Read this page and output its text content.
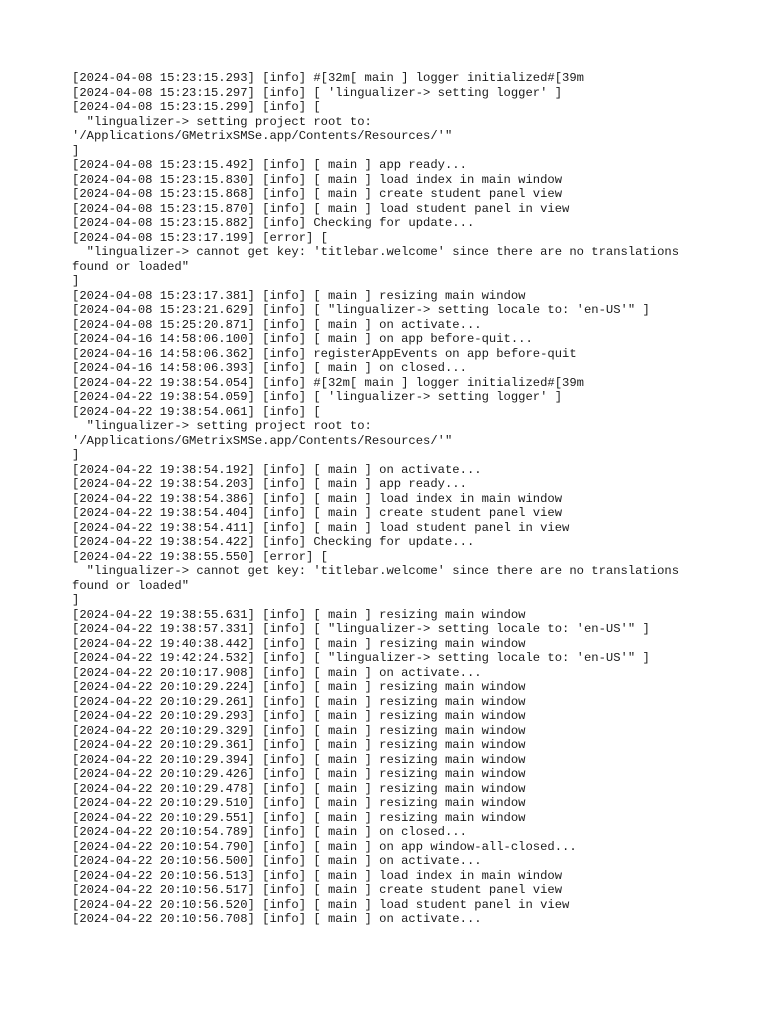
[2024-04-08 15:23:15.293] [info] #[32m[ main ] logger initialized#[39m
[2024-04-08 15:23:15.297] [info] [ 'lingualizer-> setting logger' ]
[2024-04-08 15:23:15.299] [info] [
"lingualizer-> setting project root to:
'/Applications/GMetrixSMSe.app/Contents/Resources/'"
]
[2024-04-08 15:23:15.492] [info] [ main ] app ready...
[2024-04-08 15:23:15.830] [info] [ main ] load index in main window
[2024-04-08 15:23:15.868] [info] [ main ] create student panel view
[2024-04-08 15:23:15.870] [info] [ main ] load student panel in view
[2024-04-08 15:23:15.882] [info] Checking for update...
[2024-04-08 15:23:17.199] [error] [
"lingualizer-> cannot get key: 'titlebar.welcome' since there are no translations
found or loaded"
]
[2024-04-08 15:23:17.381] [info] [ main ] resizing main window
[2024-04-08 15:23:21.629] [info] [ "lingualizer-> setting locale to: 'en-US'" ]
[2024-04-08 15:25:20.871] [info] [ main ] on activate...
[2024-04-16 14:58:06.100] [info] [ main ] on app before-quit...
[2024-04-16 14:58:06.362] [info] registerAppEvents on app before-quit
[2024-04-16 14:58:06.393] [info] [ main ] on closed...
[2024-04-22 19:38:54.054] [info] #[32m[ main ] logger initialized#[39m
[2024-04-22 19:38:54.059] [info] [ 'lingualizer-> setting logger' ]
[2024-04-22 19:38:54.061] [info] [
"lingualizer-> setting project root to:
'/Applications/GMetrixSMSe.app/Contents/Resources/'"
]
[2024-04-22 19:38:54.192] [info] [ main ] on activate...
[2024-04-22 19:38:54.203] [info] [ main ] app ready...
[2024-04-22 19:38:54.386] [info] [ main ] load index in main window
[2024-04-22 19:38:54.404] [info] [ main ] create student panel view
[2024-04-22 19:38:54.411] [info] [ main ] load student panel in view
[2024-04-22 19:38:54.422] [info] Checking for update...
[2024-04-22 19:38:55.550] [error] [
"lingualizer-> cannot get key: 'titlebar.welcome' since there are no translations
found or loaded"
]
[2024-04-22 19:38:55.631] [info] [ main ] resizing main window
[2024-04-22 19:38:57.331] [info] [ "lingualizer-> setting locale to: 'en-US'" ]
[2024-04-22 19:40:38.442] [info] [ main ] resizing main window
[2024-04-22 19:42:24.532] [info] [ "lingualizer-> setting locale to: 'en-US'" ]
[2024-04-22 20:10:17.908] [info] [ main ] on activate...
[2024-04-22 20:10:29.224] [info] [ main ] resizing main window
[2024-04-22 20:10:29.261] [info] [ main ] resizing main window
[2024-04-22 20:10:29.293] [info] [ main ] resizing main window
[2024-04-22 20:10:29.329] [info] [ main ] resizing main window
[2024-04-22 20:10:29.361] [info] [ main ] resizing main window
[2024-04-22 20:10:29.394] [info] [ main ] resizing main window
[2024-04-22 20:10:29.426] [info] [ main ] resizing main window
[2024-04-22 20:10:29.478] [info] [ main ] resizing main window
[2024-04-22 20:10:29.510] [info] [ main ] resizing main window
[2024-04-22 20:10:29.551] [info] [ main ] resizing main window
[2024-04-22 20:10:54.789] [info] [ main ] on closed...
[2024-04-22 20:10:54.790] [info] [ main ] on app window-all-closed...
[2024-04-22 20:10:56.500] [info] [ main ] on activate...
[2024-04-22 20:10:56.513] [info] [ main ] load index in main window
[2024-04-22 20:10:56.517] [info] [ main ] create student panel view
[2024-04-22 20:10:56.520] [info] [ main ] load student panel in view
[2024-04-22 20:10:56.708] [info] [ main ] on activate...
